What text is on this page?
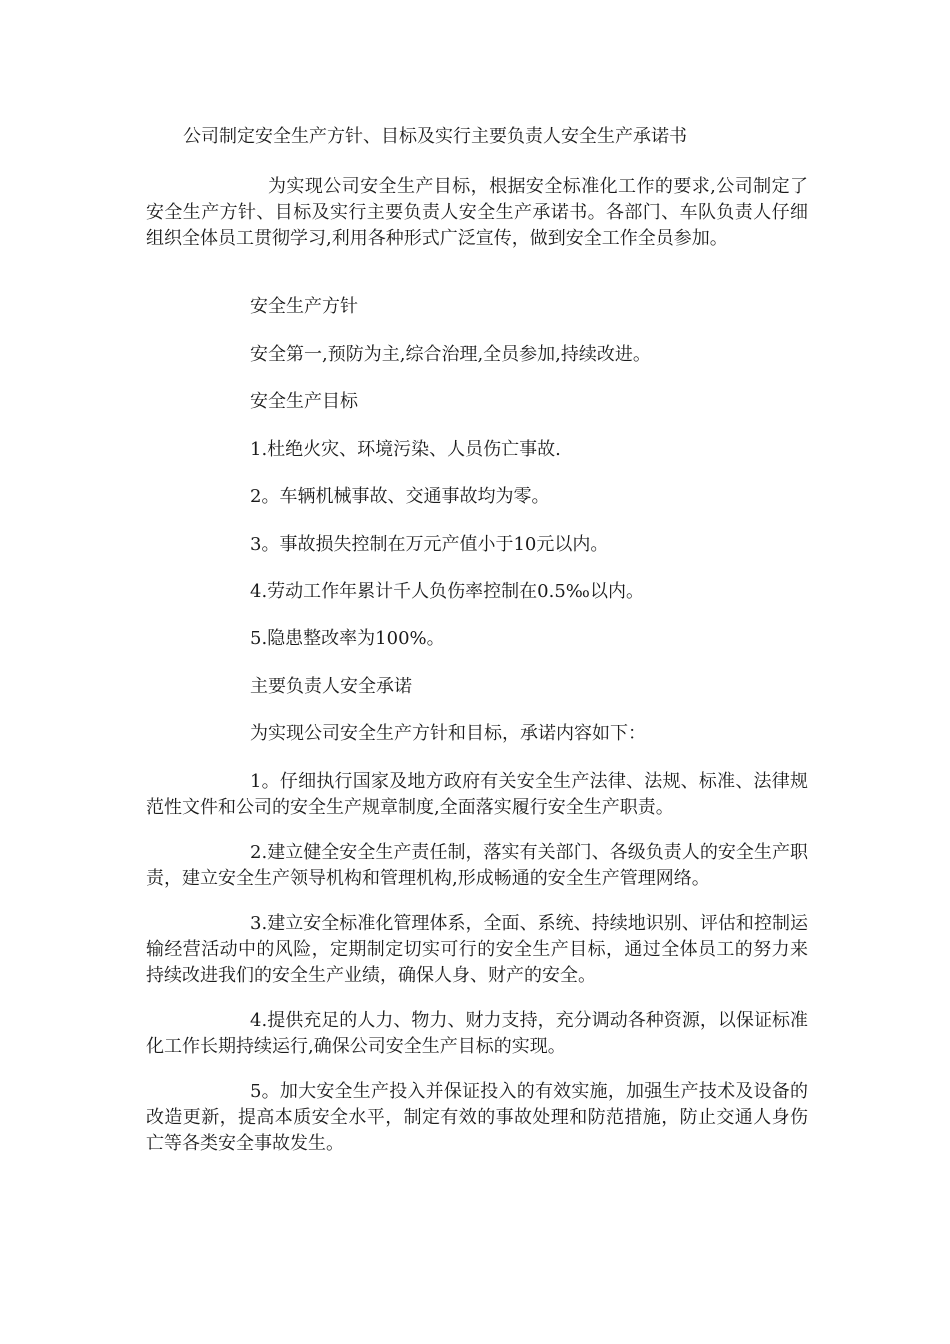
公司制定安全生产方针、目标及实行主要负责人安全生产承诺书

为实现公司安全生产目标，根据安全标准化工作的要求,公司制定了安全生产方针、目标及实行主要负责人安全生产承诺书。各部门、车队负责人仔细组织全体员工贯彻学习,利用各种形式广泛宣传，做到安全工作全员参加。

安全生产方针

安全第一,预防为主,综合治理,全员参加,持续改进。

安全生产目标

1.杜绝火灾、环境污染、人员伤亡事故.

2。车辆机械事故、交通事故均为零。

3。事故损失控制在万元产值小于10元以内。

4.劳动工作年累计千人负伤率控制在0.5‰以内。

5.隐患整改率为100%。

主要负责人安全承诺

为实现公司安全生产方针和目标，承诺内容如下：

1。仔细执行国家及地方政府有关安全生产法律、法规、标准、法律规范性文件和公司的安全生产规章制度,全面落实履行安全生产职责。

2.建立健全安全生产责任制，落实有关部门、各级负责人的安全生产职责，建立安全生产领导机构和管理机构,形成畅通的安全生产管理网络。

3.建立安全标准化管理体系，全面、系统、持续地识别、评估和控制运输经营活动中的风险，定期制定切实可行的安全生产目标，通过全体员工的努力来持续改进我们的安全生产业绩，确保人身、财产的安全。

4.提供充足的人力、物力、财力支持，充分调动各种资源，以保证标准化工作长期持续运行,确保公司安全生产目标的实现。

5。加大安全生产投入并保证投入的有效实施，加强生产技术及设备的改造更新，提高本质安全水平，制定有效的事故处理和防范措施，防止交通人身伤亡等各类安全事故发生。
